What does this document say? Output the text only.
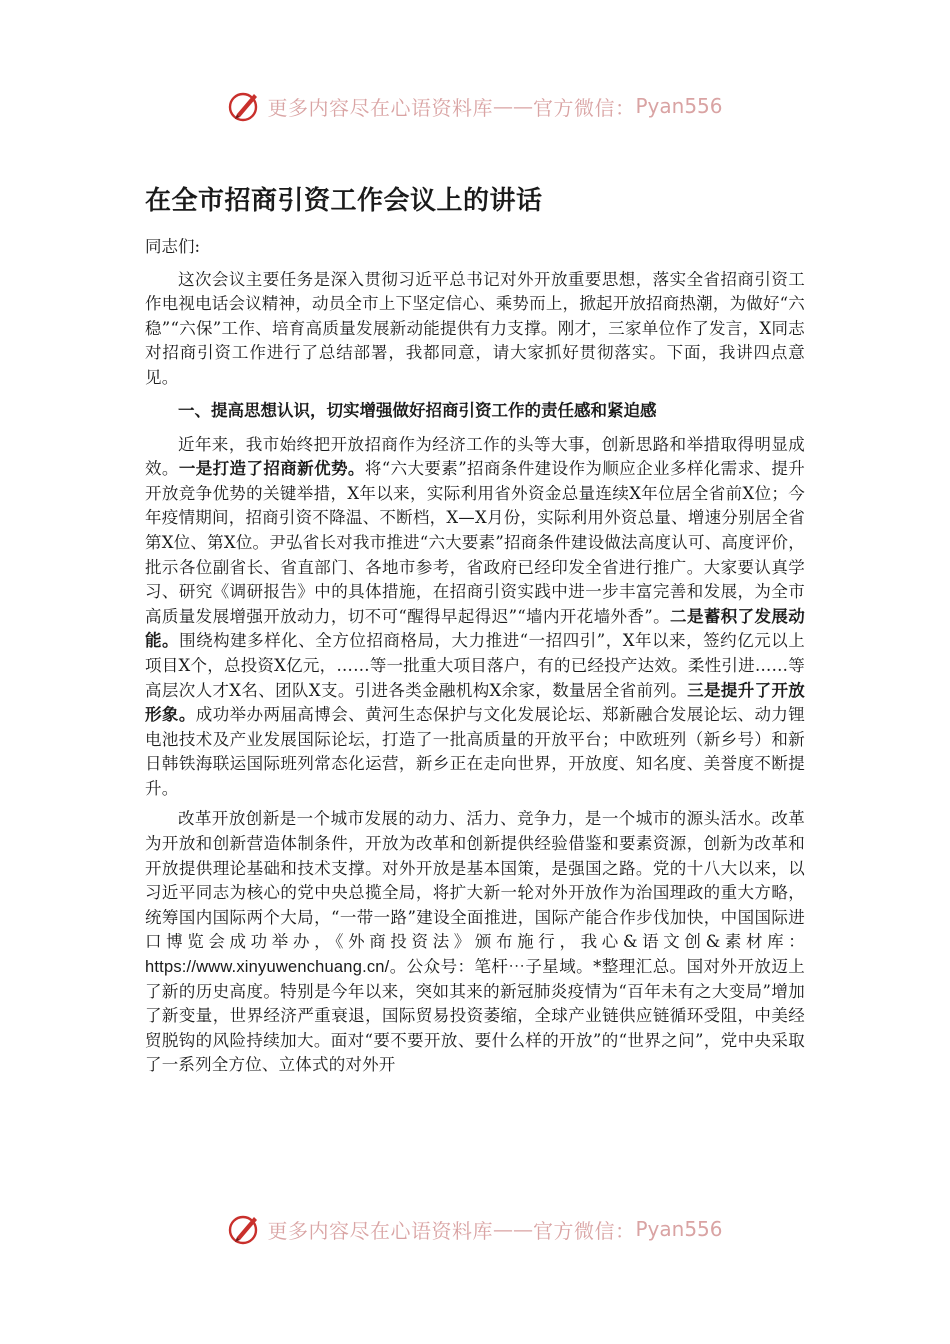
更多内容尽在心语资料库 —— 官方微信： Pyan556
在全市招商引资工作会议上的讲话
同志们:

这次会议主要任务是深入贯彻习近平总书记对外开放重要思想，落实全省招商引资工作电视电话会议精神，动员全市上下坚定信心、乘势而上，掀起开放招商热潮，为做好“六稳”“六保”工作、培育高质量发展新动能提供有力支撑。刚才，三家单位作了发言，X同志对招商引资工作进行了总结部署，我都同意，请大家抓好贯彻落实。下面，我讲四点意见。

一、提高思想认识，切实增强做好招商引资工作的责任感和紧迫感

近年来，我市始终把开放招商作为经济工作的头等大事，创新思路和举措取得明显成效。一是打造了招商新优势。将“六大要素”招商条件建设作为顺应企业多样化需求、提升开放竞争优势的关键举措，X年以来，实际利用省外资金总量连续X年位居全省前X位；今年疫情期间，招商引资不降温、不断档，X—X月份，实际利用外资总量、增速分别居全省第X位、第X位。尹弘省长对我市推进“六大要素”招商条件建设做法高度认可、高度评价，批示各位副省长、省直部门、各地市参考，省政府已经印发全省进行推广。大家要认真学习、研究《调研报告》中的具体措施，在招商引资实践中进一步丰富完善和发展，为全市高质量发展增强开放动力，切不可“醒得早起得迟”“墙内开花墙外香”。二是蓄积了发展动能。围绕构建多样化、全方位招商格局，大力推进“一招四引”，X年以来，签约亿元以上项目X个，总投资X亿元，……等一批重大项目落户，有的已经投产达效。柔性引进……等高层次人才X名、团队X支。引进各类金融机构X余家，数量居全省前列。三是提升了开放形象。成功举办两届高博会、黄河生态保护与文化发展论坛、郑新融合发展论坛、动力锂电池技术及产业发展国际论坛，打造了一批高质量的开放平台；中欧班列（新乡号）和新日韩铁海联运国际班列常态化运营，新乡正在走向世界，开放度、知名度、美誉度不断提升。

改革开放创新是一个城市发展的动力、活力、竞争力，是一个城市的源头活水。改革为开放和创新营造体制条件，开放为改革和创新提供经验借鉴和要素资源，创新为改革和开放提供理论基础和技术支撑。对外开放是基本国策，是强国之路。党的十八大以来，以习近平同志为核心的党中央总揽全局，将扩大新一轮对外开放作为治国理政的重大方略，统筹国内国际两个大局，“一带一路”建设全面推进，国际产能合作步伐加快，中国国际进口博览会成功举办，《外商投资法》颁布施行，我心&语文创&素材库：https://www.xinyuwenchuang.cn/。公众号：笔杆⋯子星域。*整理汇总。国对外开放迈上了新的历史高度。特别是今年以来，突如其来的新冠肺炎疫情为“百年未有之大变局”增加了新变量，世界经济严重衰退，国际贸易投资萎缩，全球产业链供应链循环受阻，中美经贸脱钩的风险持续加大。面对“要不要开放、要什么样的开放”的“世界之问”，党中央采取了一系列全方位、立体式的对外开

更多内容尽在心语资料库 —— 官方微信： Pyan556
